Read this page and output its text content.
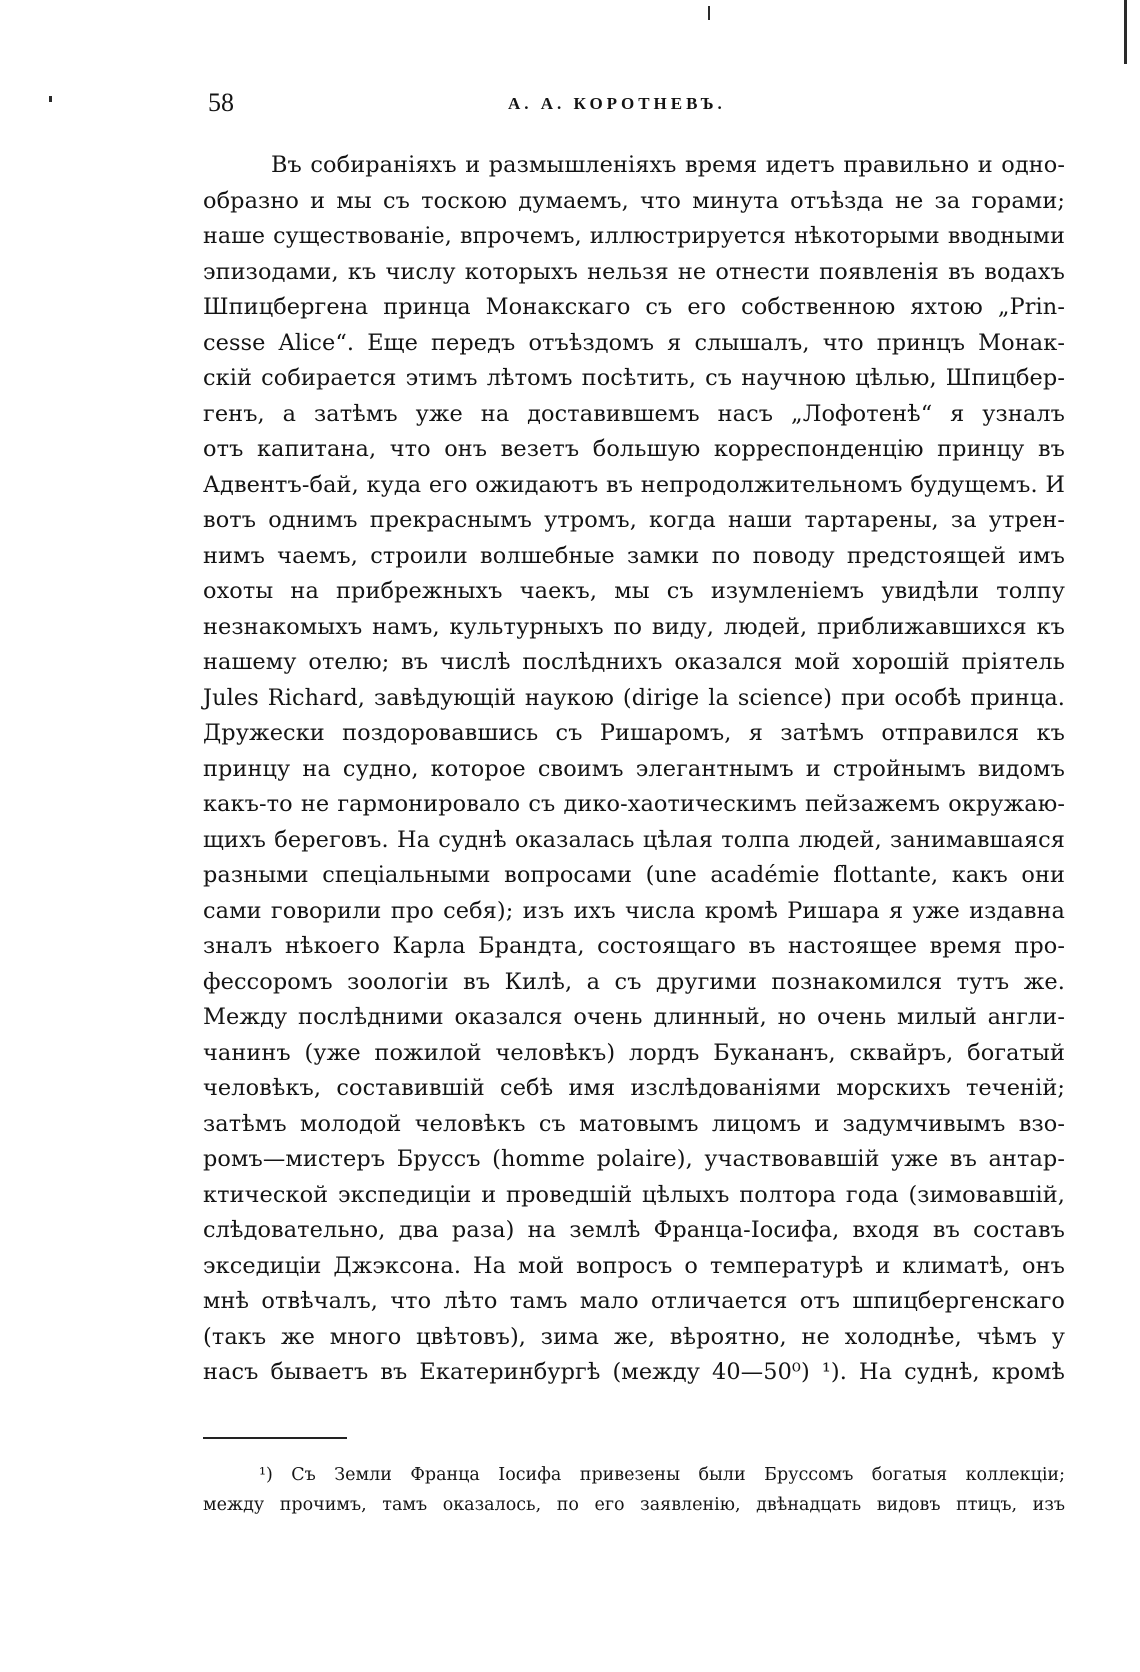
58	А. А. КОРОТНЕВЪ.
Въ собираніяхъ и размышленіяхъ время идетъ правильно и одно-
образно и мы съ тоскою думаемъ, что минута отъѣзда не за горами;
наше существованіе, впрочемъ, иллюстрируется нѣкоторыми вводными
эпизодами, къ числу которыхъ нельзя не отнести появленія въ водахъ
Шпицбергена принца Монакскаго съ его собственною яхтою „Prin-
cesse Alice“. Еще передъ отъѣздомъ я слышалъ, что принцъ Монак-
скій собирается этимъ лѣтомъ посѣтить, съ научною цѣлью, Шпицбер-
генъ, а затѣмъ уже на доставившемъ насъ „Лофотенѣ“ я узналъ
отъ капитана, что онъ везетъ большую корреспонденцію принцу въ
Адвентъ-бай, куда его ожидаютъ въ непродолжительномъ будущемъ. И
вотъ однимъ прекраснымъ утромъ, когда наши тартарены, за утрен-
нимъ чаемъ, строили волшебные замки по поводу предстоящей имъ
охоты на прибрежныхъ чаекъ, мы съ изумленіемъ увидѣли толпу
незнакомыхъ намъ, культурныхъ по виду, людей, приближавшихся къ
нашему отелю; въ числѣ послѣднихъ оказался мой хорошій пріятель
Jules Richard, завѣдующій наукою (dirige la science) при особѣ принца.
Дружески поздоровавшись съ Ришаромъ, я затѣмъ отправился къ
принцу на судно, которое своимъ элегантнымъ и стройнымъ видомъ
какъ-то не гармонировало съ дико-хаотическимъ пейзажемъ окружаю-
щихъ береговъ. На суднѣ оказалась цѣлая толпа людей, занимавшаяся
разными спеціальными вопросами (une académie flottante, какъ они
сами говорили про себя); изъ ихъ числа кромѣ Ришара я уже издавна
зналъ нѣкоего Карла Брандта, состоящаго въ настоящее время про-
фессоромъ зоологіи въ Килѣ, а съ другими познакомился тутъ же.
Между послѣдними оказался очень длинный, но очень милый англи-
чанинъ (уже пожилой человѣкъ) лордъ Букананъ, сквайръ, богатый
человѣкъ, составившій себѣ имя изслѣдованіями морскихъ теченій;
затѣмъ молодой человѣкъ съ матовымъ лицомъ и задумчивымъ взо-
ромъ—мистеръ Бруссъ (homme polaire), участвовавшій уже въ антар-
ктической экспедиціи и проведшій цѣлыхъ полтора года (зимовавшій,
слѣдовательно, два раза) на землѣ Франца-Іосифа, входя въ составъ
экседиціи Джэксона. На мой вопросъ о температурѣ и климатѣ, онъ
мнѣ отвѣчалъ, что лѣто тамъ мало отличается отъ шпицбергенскаго
(такъ же много цвѣтовъ), зима же, вѣроятно, не холоднѣе, чѣмъ у
насъ бываетъ въ Екатеринбургѣ (между 40—50⁰) ¹). На суднѣ, кромѣ
¹) Съ Земли Франца Іосифа привезены были Бруссомъ богатыя коллекціи;
между прочимъ, тамъ оказалось, по его заявленію, двѣнадцать видовъ птицъ, изъ
